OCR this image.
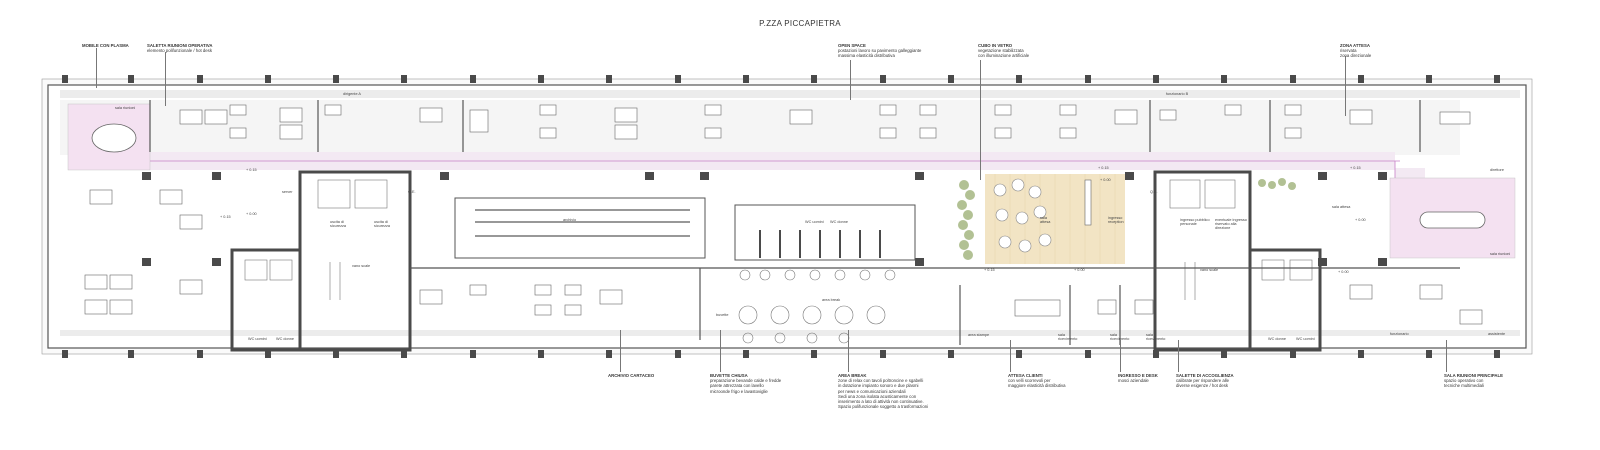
P.ZZA PICCAPIETRA
MOBILE CON PLASMA	SALETTA RIUNIONI OPERATIVA
elemento polifunzionale / hot desk
OPEN SPACE
postazioni lavoro su pavimento galleggiante
massima elasticità distributiva
CUBO IN VETRO
vegetazione stabilizzata
con illuminazione artificiale
ZONA ATTESA
riservata
zona direzionale
ARCHIVIO CARTACEO	BUVETTE CHIUSA
preparazione bevande calde e fredde
parete attrezzata con lavello
microonde frigo e lavastoviglie
AREA BREAK
zone di relax con tavoli poltroncine e sgabelli
in dotazione impianto sonoro e due plasmi
per news e comunicazioni aziendali
Sedi una zona isolata acusticamente con
inserimento a lato di attività non continuative.
Spazio polifunzionale soggetto a trasformazioni
ATTESA CLIENTI
con velli scorrevoli per
maggiore elasticità distributiva
INGRESSO E DESK
mosci aziendale
SALETTE DI ACCOGLIENZA
calibrate per rispondere alle
diverse esigenze / hot desk
SALA RIUNIONI PRINCIPALE
spazio operativo con
tecniche multimediali
sala riunioni
dirigente A	funzionario B
server	Q.E.	Q.E.
uscita di sicurezza
uscita di sicurezza
archivio	WC uomini WC donne
vano scale
vano scale
WC uomini WC donne
area break
buvette
area stampe	sala ricevimento
sala ricevimento
sala ricevimento
sala attesa
ingresso reception	ingresso pubblico personale
eventuale ingresso riservato alla direzione
direttore
sala attesa
sala riunioni
WC donne	WC uomini
funzionario	assistente
+ 0.15
+ 0.00
+ 0.15
+ 0.00
+ 0.15
+ 0.00
+ 0.15
+ 0.00
+ 0.15
+ 0.00
